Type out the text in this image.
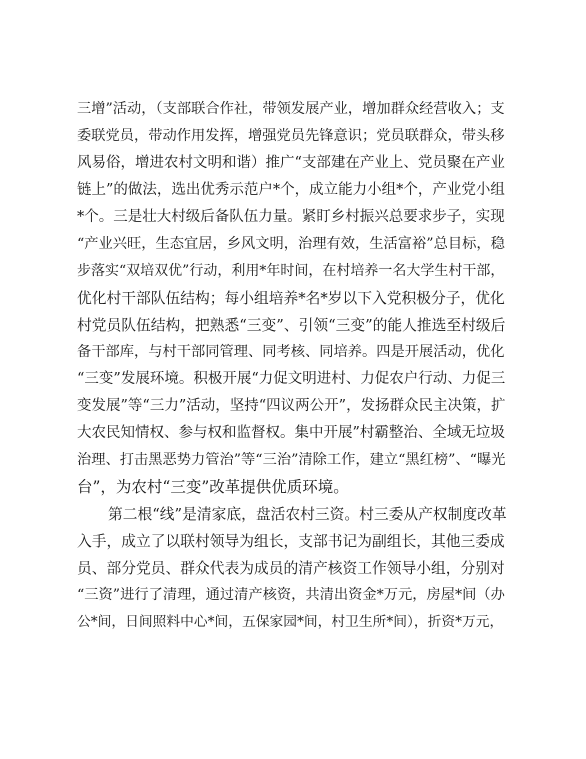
三增”活动，（支部联合作社，带领发展产业，增加群众经营收入；支
委联党员，带动作用发挥，增强党员先锋意识；党员联群众，带头移
风易俗，增进农村文明和谐）推广“支部建在产业上、党员聚在产业
链上”的做法，选出优秀示范户*个，成立能力小组*个，产业党小组
*个。三是壮大村级后备队伍力量。紧盯乡村振兴总要求步子，实现
“产业兴旺，生态宜居，乡风文明，治理有效，生活富裕”总目标，稳
步落实“双培双优”行动，利用*年时间，在村培养一名大学生村干部，
优化村干部队伍结构；每小组培养*名*岁以下入党积极分子，优化
村党员队伍结构，把熟悉“三变”、引领“三变”的能人推选至村级后
备干部库，与村干部同管理、同考核、同培养。四是开展活动，优化
“三变”发展环境。积极开展“力促文明进村、力促农户行动、力促三
变发展”等“三力”活动，坚持“四议两公开”，发扬群众民主决策，扩
大农民知情权、参与权和监督权。集中开展”村霸整治、全域无垃圾
治理、打击黑恶势力管治”等“三治”清除工作，建立“黑红榜”、“曝光
台”，为农村“三变”改革提供优质环境。
第二根“线”是清家底，盘活农村三资。村三委从产权制度改革
入手，成立了以联村领导为组长，支部书记为副组长，其他三委成
员、部分党员、群众代表为成员的清产核资工作领导小组，分别对
“三资”进行了清理，通过清产核资，共清出资金*万元，房屋*间（办
公*间，日间照料中心*间，五保家园*间，村卫生所*间），折资*万元，
